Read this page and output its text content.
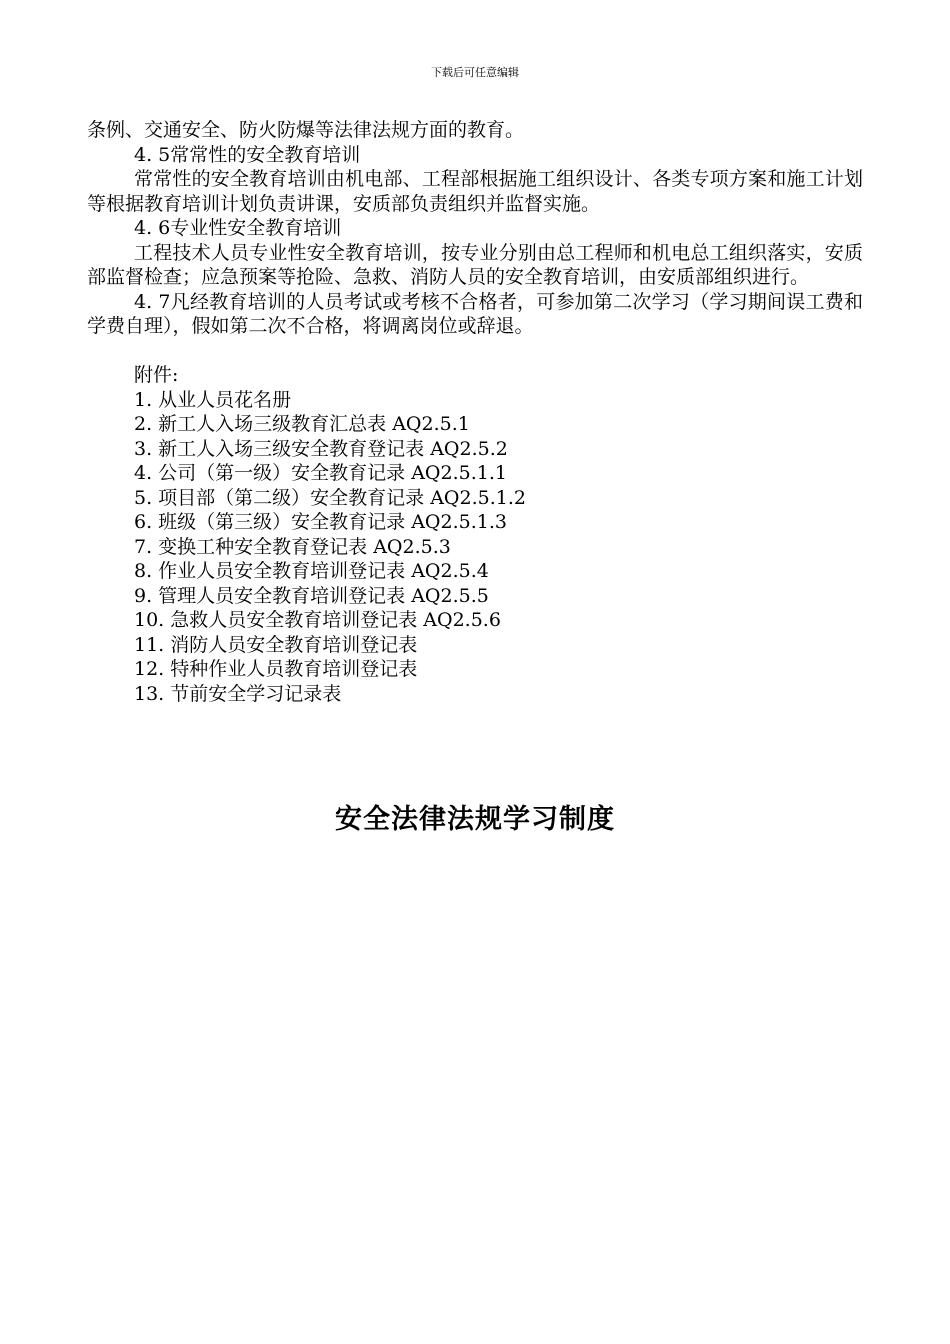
下载后可任意编辑

条例、交通安全、防火防爆等法律法规方面的教育。

4. 5常常性的安全教育培训

常常性的安全教育培训由机电部、工程部根据施工组织设计、各类专项方案和施工计划等根据教育培训计划负责讲课，安质部负责组织并监督实施。

4. 6专业性安全教育培训

工程技术人员专业性安全教育培训，按专业分别由总工程师和机电总工组织落实，安质部监督检查；应急预案等抢险、急救、消防人员的安全教育培训，由安质部组织进行。

4. 7凡经教育培训的人员考试或考核不合格者，可参加第二次学习（学习期间误工费和学费自理），假如第二次不合格，将调离岗位或辞退。

附件:

1. 从业人员花名册
2. 新工人入场三级教育汇总表 AQ2.5.1
3. 新工人入场三级安全教育登记表 AQ2.5.2
4. 公司（第一级）安全教育记录 AQ2.5.1.1
5. 项目部（第二级）安全教育记录 AQ2.5.1.2
6. 班级（第三级）安全教育记录 AQ2.5.1.3
7. 变换工种安全教育登记表 AQ2.5.3
8. 作业人员安全教育培训登记表 AQ2.5.4
9. 管理人员安全教育培训登记表 AQ2.5.5
10. 急救人员安全教育培训登记表 AQ2.5.6
11. 消防人员安全教育培训登记表
12. 特种作业人员教育培训登记表
13. 节前安全学习记录表
安全法律法规学习制度
